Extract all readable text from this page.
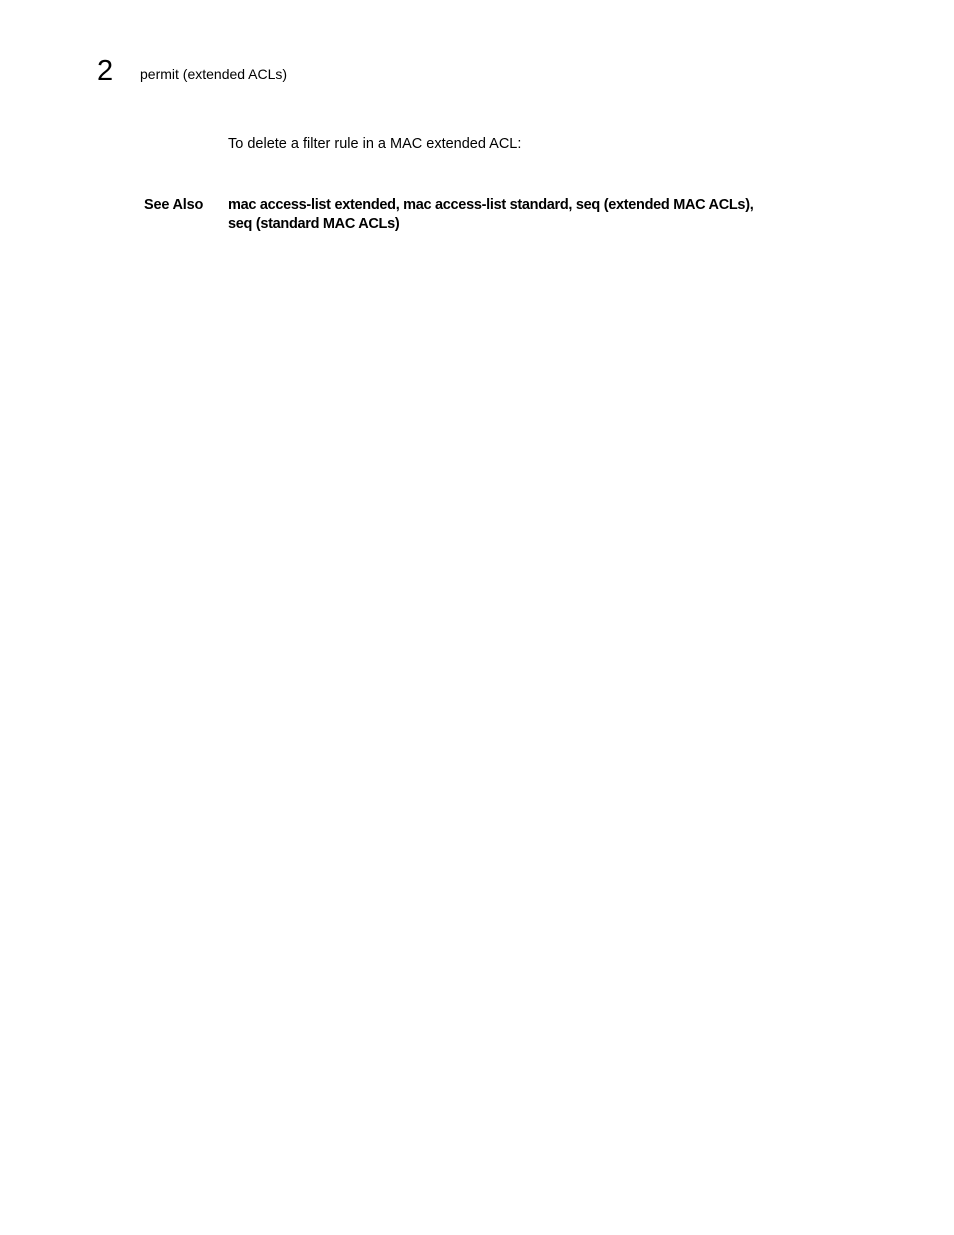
2 permit (extended ACLs)
To delete a filter rule in a MAC extended ACL:
See Also mac access-list extended, mac access-list standard, seq (extended MAC ACLs),
seq (standard MAC ACLs)
